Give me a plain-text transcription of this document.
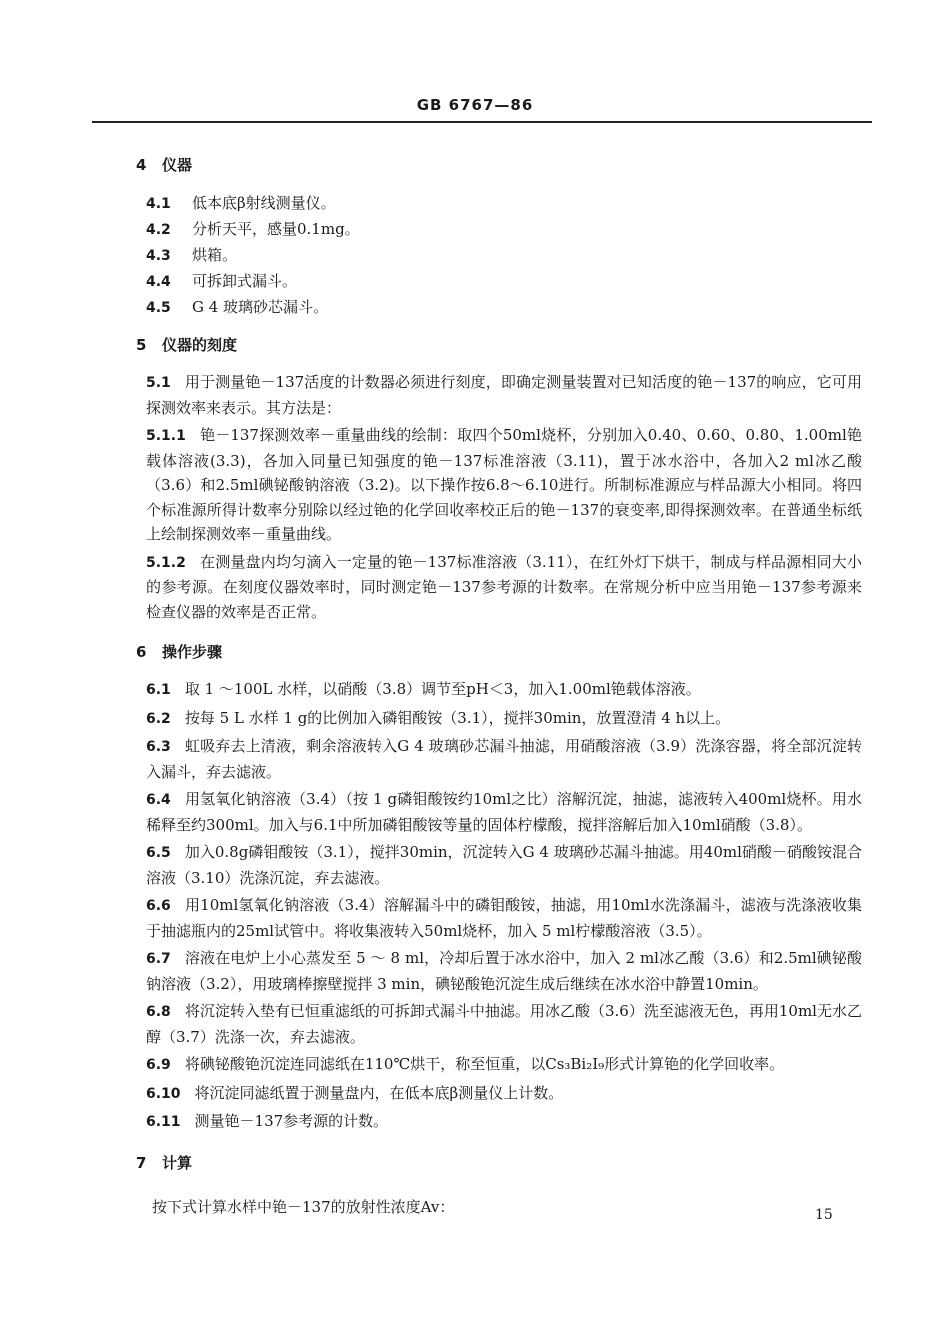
GB 6767—86
4 仪器
4.1 低本底β射线测量仪。
4.2 分析天平，感量0.1mg。
4.3 烘箱。
4.4 可拆卸式漏斗。
4.5 G 4 玻璃砂芯漏斗。
5 仪器的刻度

5.1 用于测量铯－137活度的计数器必须进行刻度，即确定测量装置对已知活度的铯－137的响应，它可用探测效率来表示。其方法是：

5.1.1 铯－137探测效率－重量曲线的绘制：取四个50ml烧杯，分别加入0.40、0.60、0.80、1.00ml铯载体溶液(3.3)，各加入同量已知强度的铯－137标准溶液（3.11)，置于冰水浴中，各加入2 ml冰乙酸（3.6）和2.5ml碘铋酸钠溶液（3.2)。以下操作按6.8～6.10进行。所制标准源应与样品源大小相同。将四个标准源所得计数率分别除以经过铯的化学回收率校正后的铯－137的衰变率,即得探测效率。在普通坐标纸上绘制探测效率－重量曲线。

5.1.2 在测量盘内均匀滴入一定量的铯－137标准溶液（3.11），在红外灯下烘干，制成与样品源相同大小的参考源。在刻度仪器效率时，同时测定铯－137参考源的计数率。在常规分析中应当用铯－137参考源来检查仪器的效率是否正常。

6 操作步骤

6.1 取 1 ～100L 水样，以硝酸（3.8）调节至pH＜3，加入1.00ml铯载体溶液。

6.2 按每 5 L 水样 1 g的比例加入磷钼酸铵（3.1），搅拌30min，放置澄清 4 h以上。

6.3 虹吸弃去上清液，剩余溶液转入G 4 玻璃砂芯漏斗抽滤，用硝酸溶液（3.9）洗涤容器，将全部沉淀转入漏斗，弃去滤液。

6.4 用氢氧化钠溶液（3.4）（按 1 g磷钼酸铵约10ml之比）溶解沉淀，抽滤，滤液转入400ml烧杯。用水稀释至约300ml。加入与6.1中所加磷钼酸铵等量的固体柠檬酸，搅拌溶解后加入10ml硝酸（3.8）。

6.5 加入0.8g磷钼酸铵（3.1），搅拌30min，沉淀转入G 4 玻璃砂芯漏斗抽滤。用40ml硝酸－硝酸铵混合溶液（3.10）洗涤沉淀，弃去滤液。

6.6 用10ml氢氧化钠溶液（3.4）溶解漏斗中的磷钼酸铵，抽滤，用10ml水洗涤漏斗，滤液与洗涤液收集于抽滤瓶内的25ml试管中。将收集液转入50ml烧杯，加入 5 ml柠檬酸溶液（3.5）。

6.7 溶液在电炉上小心蒸发至 5 ～ 8 ml，冷却后置于冰水浴中，加入 2 ml冰乙酸（3.6）和2.5ml碘铋酸钠溶液（3.2），用玻璃棒擦壁搅拌 3 min，碘铋酸铯沉淀生成后继续在冰水浴中静置10min。

6.8 将沉淀转入垫有已恒重滤纸的可拆卸式漏斗中抽滤。用冰乙酸（3.6）洗至滤液无色，再用10ml无水乙醇（3.7）洗涤一次，弃去滤液。

6.9 将碘铋酸铯沉淀连同滤纸在110℃烘干，称至恒重，以Cs₃Bi₂I₉形式计算铯的化学回收率。

6.10 将沉淀同滤纸置于测量盘内，在低本底β测量仪上计数。

6.11 测量铯－137参考源的计数。

7 计算
按下式计算水样中铯－137的放射性浓度Av：	15
